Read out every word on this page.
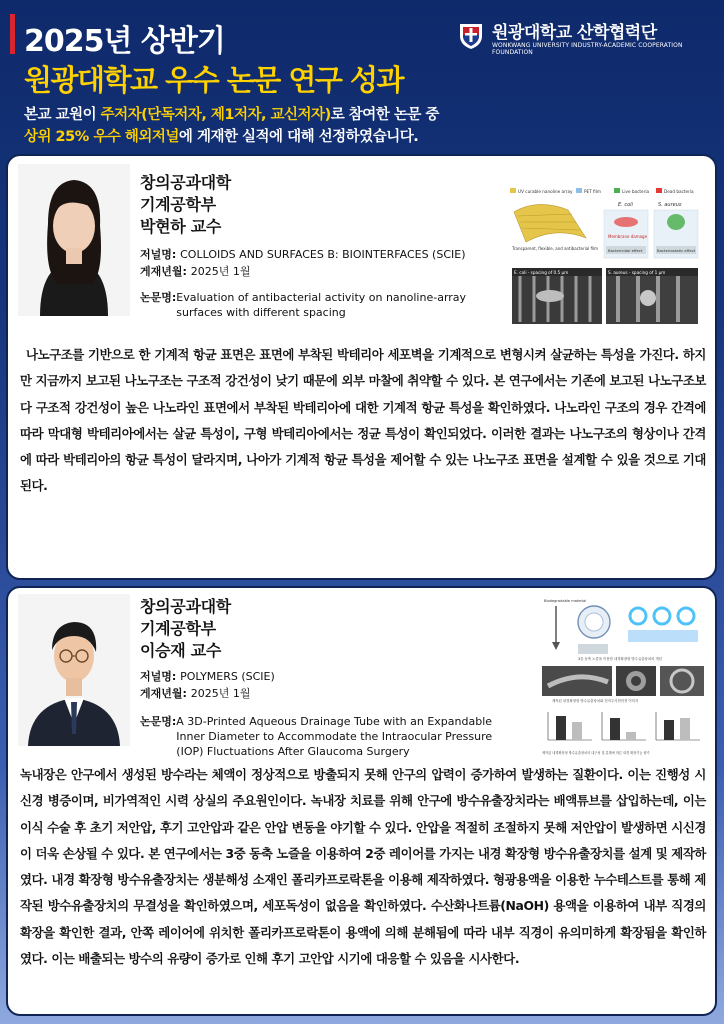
2025년 상반기
원광대학교 우수 논문 연구 성과
본교 교원이 주저자(단독저자, 제1저자, 교신저자)로 참여한 논문 중
상위 25% 우수 해외저널에 게재한 실적에 대해 선정하였습니다.
원광대학교 산학협력단
WONKWANG UNIVERSITY INDUSTRY-ACADEMIC COOPERATION FOUNDATION
창의공과대학
기계공학부
박현하 교수
저널명: COLLOIDS AND SURFACES B: BIOINTERFACES (SCIE)
게재년월: 2025년 1월
논문명:Evaluation of antibacterial activity on nanoline-array surfaces with different spacing
UV curable nanoline array	PET film	Live bacteria	Dead bacteria
Transparent, flexible, and antibacterial film
E. coli	S. aureus
Membrane damage
Bactericidal effect	Bacteriostatic effect
E. coli - spacing of 0.5 μm	S. aureus - spacing of 1 μm
나노구조를 기반으로 한 기계적 항균 표면은 표면에 부착된 박테리아 세포벽을 기계적으로 변형시켜 살균하는 특성을 가진다. 하지만 지금까지 보고된 나노구조는 구조적 강건성이 낮기 때문에 외부 마찰에 취약할 수 있다. 본 연구에서는 기존에 보고된 나노구조보다 구조적 강건성이 높은 나노라인 표면에서 부착된 박테리아에 대한 기계적 항균 특성을 확인하였다. 나노라인 구조의 경우 간격에 따라 막대형 박테리아에서는 살균 특성이, 구형 박테리아에서는 정균 특성이 확인되었다. 이러한 결과는 나노구조의 형상이나 간격에 따라 박테리아의 항균 특성이 달라지며, 나아가 기계적 항균 특성을 제어할 수 있는 나노구조 표면을 설계할 수 있을 것으로 기대된다.
창의공과대학
기계공학부
이승재 교수
저널명: POLYMERS (SCIE)
게재년월: 2025년 1월
논문명:A 3D-Printed Aqueous Drainage Tube with an Expandable Inner Diameter to Accommodate the Intraocular Pressure (IOP) Fluctuations After Glaucoma Surgery
Biodegradable material
3중 동축 노즐을 이용한 내경확장형 방수유출장치의 개념
제작된 내경확장형 방수유출장치와 전자주사현미경 이미지
제작된 내경확장형 방수유출장치의 내구성 및 분해에 따른 내경 확장기능 평가
녹내장은 안구에서 생성된 방수라는 체액이 정상적으로 방출되지 못해 안구의 압력이 증가하여 발생하는 질환이다. 이는 진행성 시신경 병증이며, 비가역적인 시력 상실의 주요원인이다. 녹내장 치료를 위해 안구에 방수유출장치라는 배액튜브를 삽입하는데, 이는 이식 수술 후 초기 저안압, 후기 고안압과 같은 안압 변동을 야기할 수 있다. 안압을 적절히 조절하지 못해 저안압이 발생하면 시신경이 더욱 손상될 수 있다. 본 연구에서는 3중 동축 노즐을 이용하여 2중 레이어를 가지는 내경 확장형 방수유출장치를 설계 및 제작하였다. 내경 확장형 방수유출장치는 생분해성 소재인 폴리카프로락톤을 이용해 제작하였다. 형광용액을 이용한 누수테스트를 통해 제작된 방수유출장치의 무결성을 확인하였으며, 세포독성이 없음을 확인하였다. 수산화나트륨(NaOH) 용액을 이용하여 내부 직경의 확장을 확인한 결과, 안쪽 레이어에 위치한 폴리카프로락톤이 용액에 의해 분해됨에 따라 내부 직경이 유의미하게 확장됨을 확인하였다. 이는 배출되는 방수의 유량이 증가로 인해 후기 고안압 시기에 대응할 수 있음을 시사한다.
